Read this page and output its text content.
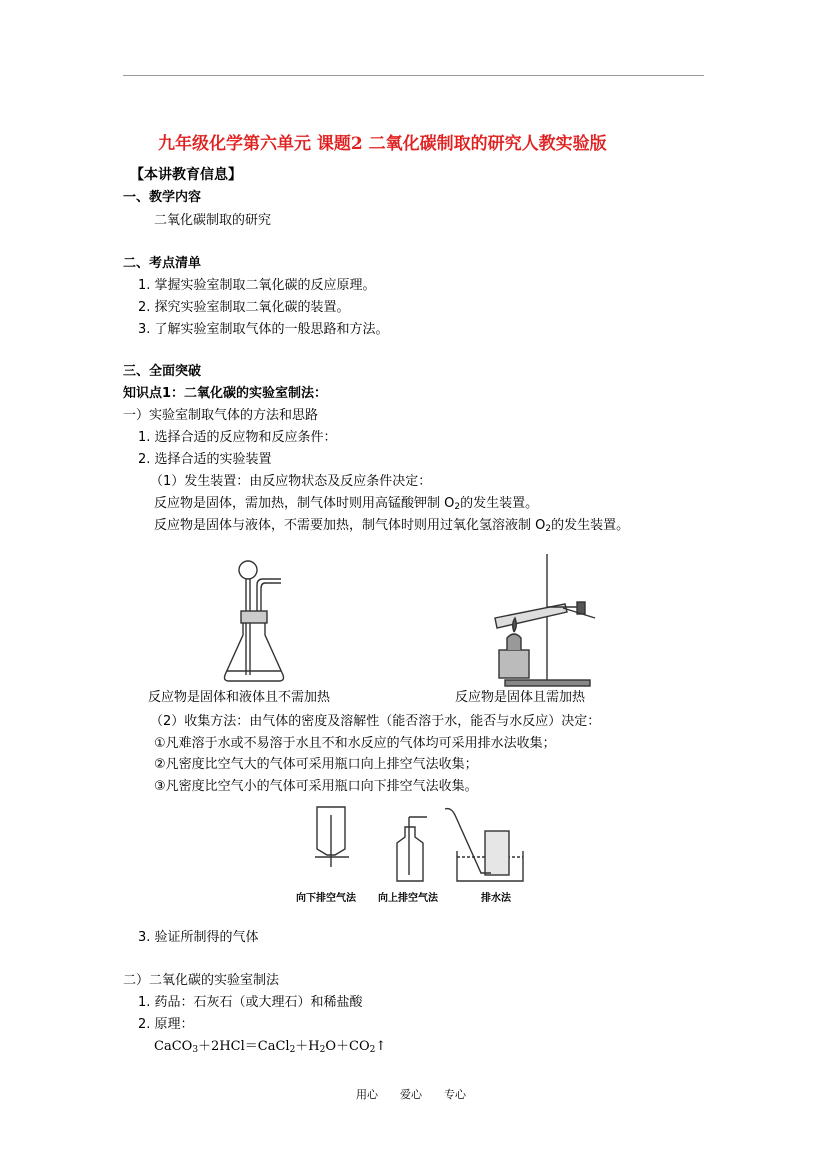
九年级化学第六单元 课题2 二氧化碳制取的研究人教实验版
【本讲教育信息】
一、教学内容
二氧化碳制取的研究
二、考点清单
1. 掌握实验室制取二氧化碳的反应原理。
2. 探究实验室制取二氧化碳的装置。
3. 了解实验室制取气体的一般思路和方法。
三、全面突破
知识点1：二氧化碳的实验室制法：
一）实验室制取气体的方法和思路
1. 选择合适的反应物和反应条件：
2. 选择合适的实验装置
（1）发生装置：由反应物状态及反应条件决定：
反应物是固体，需加热，制气体时则用高锰酸钾制 $O_2$的发生装置。
反应物是固体与液体，不需要加热，制气体时则用过氧化氢溶液制 $O_2$的发生装置。
反应物是固体和液体且不需加热	反应物是固体且需加热
（2）收集方法：由气体的密度及溶解性（能否溶于水，能否与水反应）决定：
①凡难溶于水或不易溶于水且不和水反应的气体均可采用排水法收集；
②凡密度比空气大的气体可采用瓶口向上排空气法收集；
③凡密度比空气小的气体可采用瓶口向下排空气法收集。
向下排空气法 向上排空气法	排水法
3. 验证所制得的气体
二）二氧化碳的实验室制法
1. 药品：石灰石（或大理石）和稀盐酸
2. 原理：
$CaCO_3+2HCl=CaCl_2+H_2O+CO_2↑$
用心　　爱心　　专心
